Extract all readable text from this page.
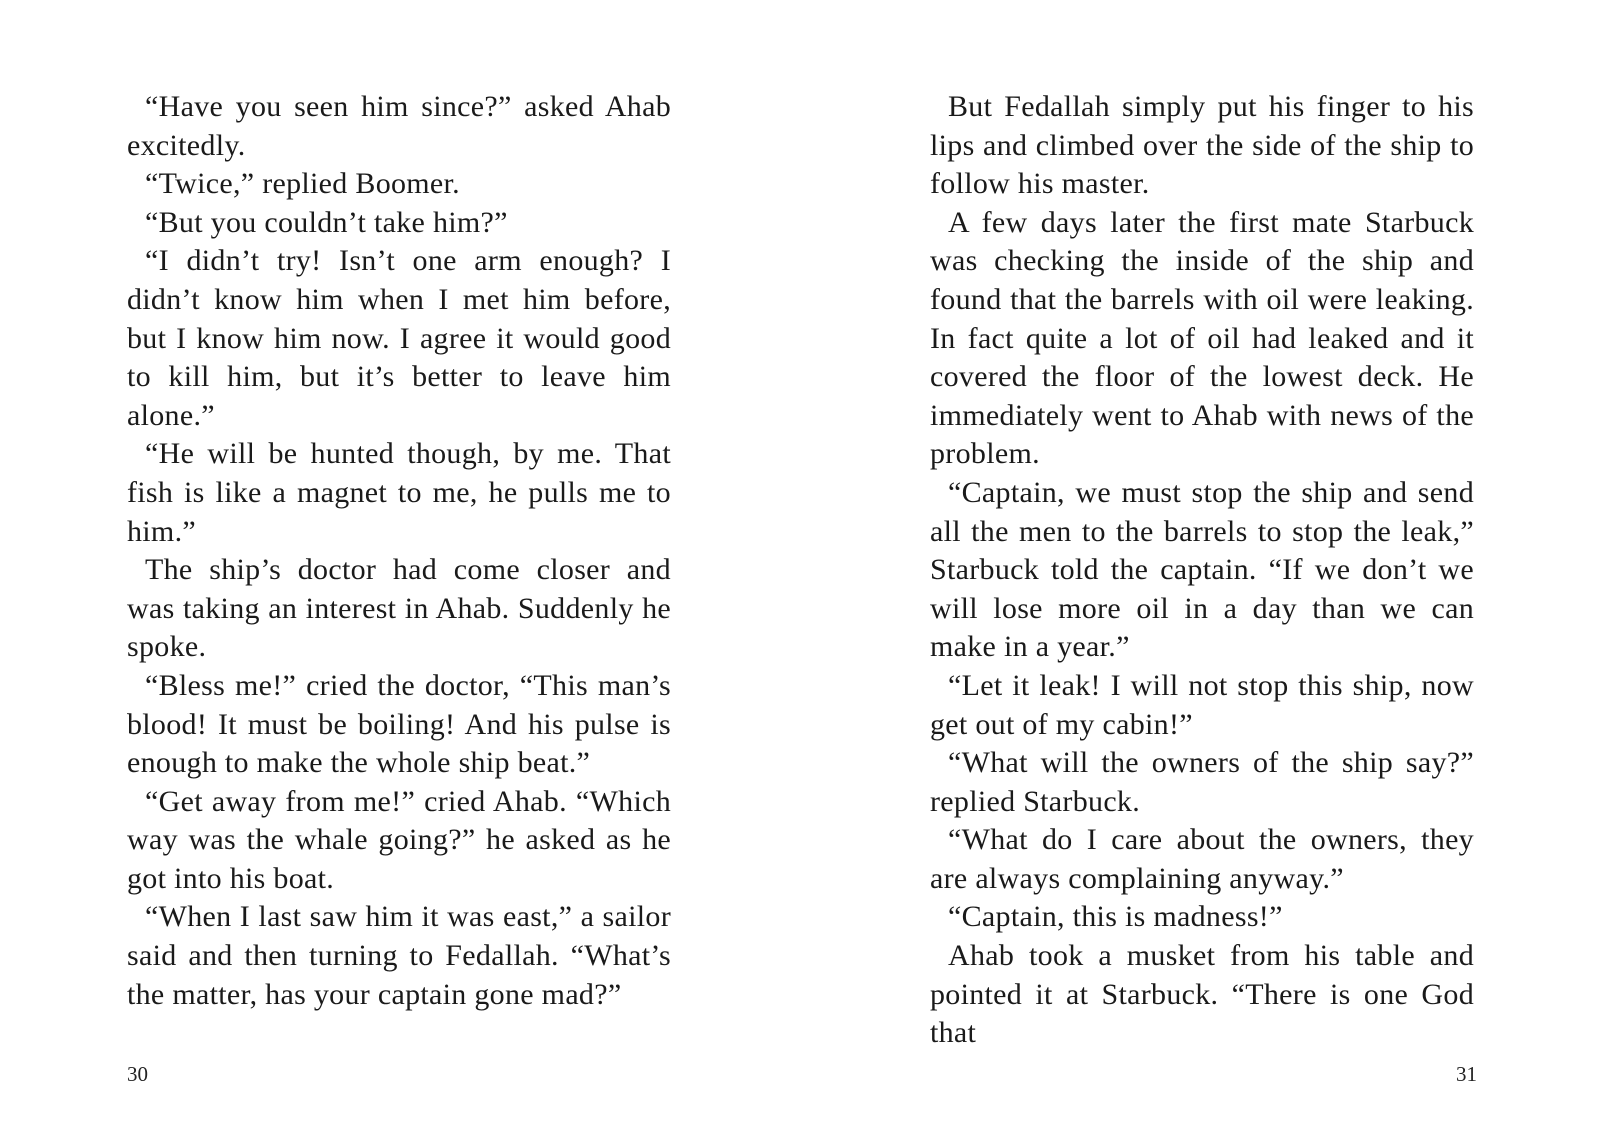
“Have you seen him since?” asked Ahab excitedly.

“Twice,” replied Boomer.

“But you couldn’t take him?”

“I didn’t try! Isn’t one arm enough? I didn’t know him when I met him before, but I know him now. I agree it would good to kill him, but it’s better to leave him alone.”

“He will be hunted though, by me. That fish is like a magnet to me, he pulls me to him.”

The ship’s doctor had come closer and was taking an interest in Ahab. Suddenly he spoke.

“Bless me!” cried the doctor, “This man’s blood! It must be boiling! And his pulse is enough to make the whole ship beat.”

“Get away from me!” cried Ahab. “Which way was the whale going?” he asked as he got into his boat.

“When I last saw him it was east,” a sailor said and then turning to Fedallah. “What’s the matter, has your captain gone mad?”

But Fedallah simply put his finger to his lips and climbed over the side of the ship to follow his master.

A few days later the first mate Starbuck was checking the inside of the ship and found that the barrels with oil were leaking. In fact quite a lot of oil had leaked and it covered the floor of the lowest deck. He immediately went to Ahab with news of the problem.

“Captain, we must stop the ship and send all the men to the barrels to stop the leak,” Starbuck told the captain. “If we don’t we will lose more oil in a day than we can make in a year.”

“Let it leak! I will not stop this ship, now get out of my cabin!”

“What will the owners of the ship say?” replied Starbuck.

“What do I care about the owners, they are always complaining anyway.”

“Captain, this is madness!”

Ahab took a musket from his table and pointed it at Starbuck. “There is one God that

30	31
